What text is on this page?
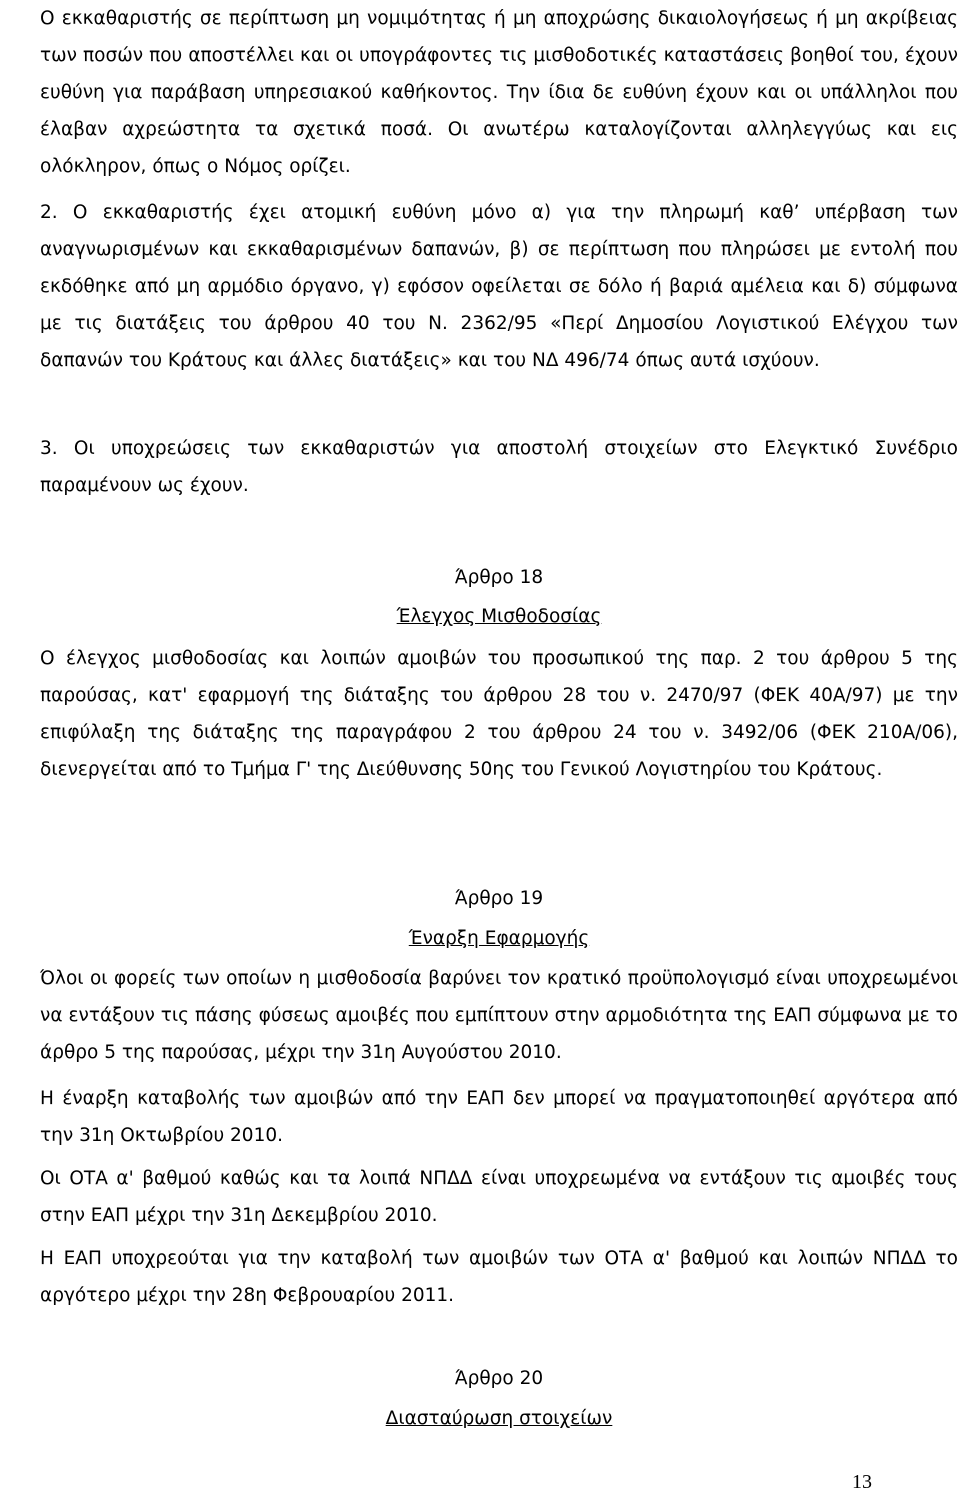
Ο εκκαθαριστής σε περίπτωση μη νομιμότητας ή μη αποχρώσης δικαιολογήσεως ή μη ακρίβειας των ποσών που αποστέλλει και οι υπογράφοντες τις μισθοδοτικές καταστάσεις βοηθοί του, έχουν ευθύνη για παράβαση υπηρεσιακού καθήκοντος. Την ίδια δε ευθύνη έχουν και οι υπάλληλοι που έλαβαν αχρεώστητα τα σχετικά ποσά. Οι ανωτέρω καταλογίζονται αλληλεγγύως και εις ολόκληρον, όπως ο Νόμος ορίζει.
2. Ο εκκαθαριστής έχει ατομική ευθύνη μόνο α) για την πληρωμή καθ’ υπέρβαση των αναγνωρισμένων και εκκαθαρισμένων δαπανών, β) σε περίπτωση που πληρώσει με εντολή που εκδόθηκε από μη αρμόδιο όργανο, γ) εφόσον οφείλεται σε δόλο ή βαριά αμέλεια και δ) σύμφωνα με τις διατάξεις του άρθρου 40 του Ν. 2362/95 «Περί Δημοσίου Λογιστικού Ελέγχου των δαπανών του Κράτους και άλλες διατάξεις» και του ΝΔ 496/74 όπως αυτά ισχύουν.
3. Οι υποχρεώσεις των εκκαθαριστών για αποστολή στοιχείων στο Ελεγκτικό Συνέδριο παραμένουν ως έχουν.
Άρθρο 18
Έλεγχος Μισθοδοσίας
Ο έλεγχος μισθοδοσίας και λοιπών αμοιβών του προσωπικού της παρ. 2 του άρθρου 5 της παρούσας, κατ' εφαρμογή της διάταξης του άρθρου 28 του ν. 2470/97 (ΦΕΚ 40Α/97) με την επιφύλαξη της διάταξης της παραγράφου 2 του άρθρου 24 του ν. 3492/06 (ΦΕΚ 210Α/06), διενεργείται από το Τμήμα Γ' της Διεύθυνσης 50ης του Γενικού Λογιστηρίου του Κράτους.
Άρθρο 19
Έναρξη Εφαρμογής
Όλοι οι φορείς των οποίων η μισθοδοσία βαρύνει τον κρατικό προϋπολογισμό είναι υποχρεωμένοι να εντάξουν τις πάσης φύσεως αμοιβές που εμπίπτουν στην αρμοδιότητα της ΕΑΠ σύμφωνα με το άρθρο 5 της παρούσας, μέχρι την 31η Αυγούστου 2010.
Η έναρξη καταβολής των αμοιβών από την ΕΑΠ δεν μπορεί να πραγματοποιηθεί αργότερα από την 31η Οκτωβρίου 2010.
Οι ΟΤΑ α' βαθμού καθώς και τα λοιπά ΝΠΔΔ είναι υποχρεωμένα να εντάξουν τις αμοιβές τους στην ΕΑΠ μέχρι την 31η Δεκεμβρίου 2010.
Η ΕΑΠ υποχρεούται για την καταβολή των αμοιβών των ΟΤΑ α' βαθμού και λοιπών ΝΠΔΔ το αργότερο μέχρι την 28η Φεβρουαρίου 2011.
Άρθρο 20
Διασταύρωση στοιχείων
13
